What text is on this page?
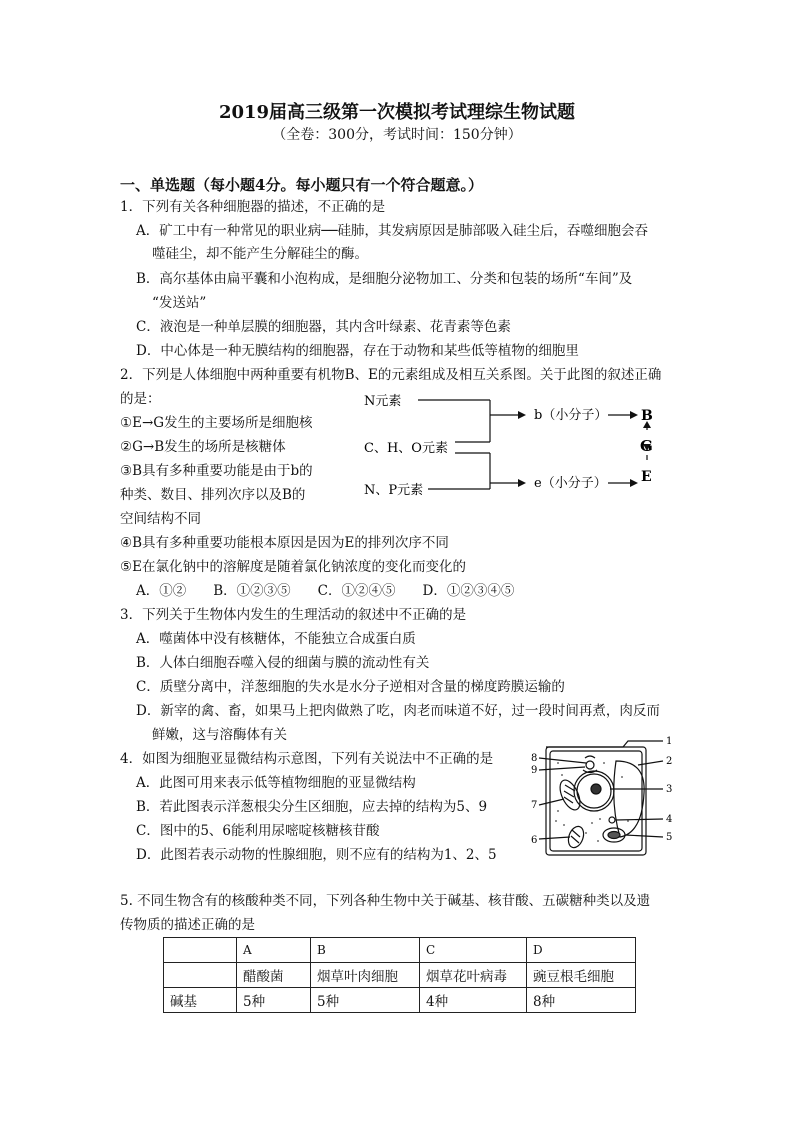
2019届高三级第一次模拟考试理综生物试题
（全卷：300分，考试时间：150分钟）
一、单选题（每小题4分。每小题只有一个符合题意。）
1．下列有关各种细胞器的描述，不正确的是
A．矿工中有一种常见的职业病──硅肺，其发病原因是肺部吸入硅尘后，吞噬细胞会吞
噬硅尘，却不能产生分解硅尘的酶。
B．高尔基体由扁平囊和小泡构成，是细胞分泌物加工、分类和包装的场所“车间”及
“发送站”
C．液泡是一种单层膜的细胞器，其内含叶绿素、花青素等色素
D．中心体是一种无膜结构的细胞器，存在于动物和某些低等植物的细胞里
2．下列是人体细胞中两种重要有机物B、E的元素组成及相互关系图。关于此图的叙述正确
的是：
①E→G发生的主要场所是细胞核
②G→B发生的场所是核糖体
③B具有多种重要功能是由于b的
种类、数目、排列次序以及B的
空间结构不同
④B具有多种重要功能根本原因是因为E的排列次序不同
⑤E在氯化钠中的溶解度是随着氯化钠浓度的变化而变化的
A．①②　　B．①②③⑤　　C．①②④⑤　　D．①②③④⑤
N元素
C、H、O元素
N、P元素
b（小分子）
e（小分子）
B
G
E
3．下列关于生物体内发生的生理活动的叙述中不正确的是
A．噬菌体中没有核糖体，不能独立合成蛋白质
B．人体白细胞吞噬入侵的细菌与膜的流动性有关
C．质壁分离中，洋葱细胞的失水是水分子逆相对含量的梯度跨膜运输的
D．新宰的禽、畜，如果马上把肉做熟了吃，肉老而味道不好，过一段时间再煮，肉反而
鲜嫩，这与溶酶体有关
4．如图为细胞亚显微结构示意图，下列有关说法中不正确的是
A．此图可用来表示低等植物细胞的亚显微结构
B．若此图表示洋葱根尖分生区细胞，应去掉的结构为5、9
C．图中的5、6能利用尿嘧啶核糖核苷酸
D．此图若表示动物的性腺细胞，则不应有的结构为1、2、5
1
2
3
4
5
6
7
8
9
5. 不同生物含有的核酸种类不同，下列各种生物中关于碱基、核苷酸、五碳糖种类以及遗
传物质的描述正确的是
	A	B	C	D
	醋酸菌	烟草叶肉细胞	烟草花叶病毒	豌豆根毛细胞
碱基	5种	5种	4种	8种
